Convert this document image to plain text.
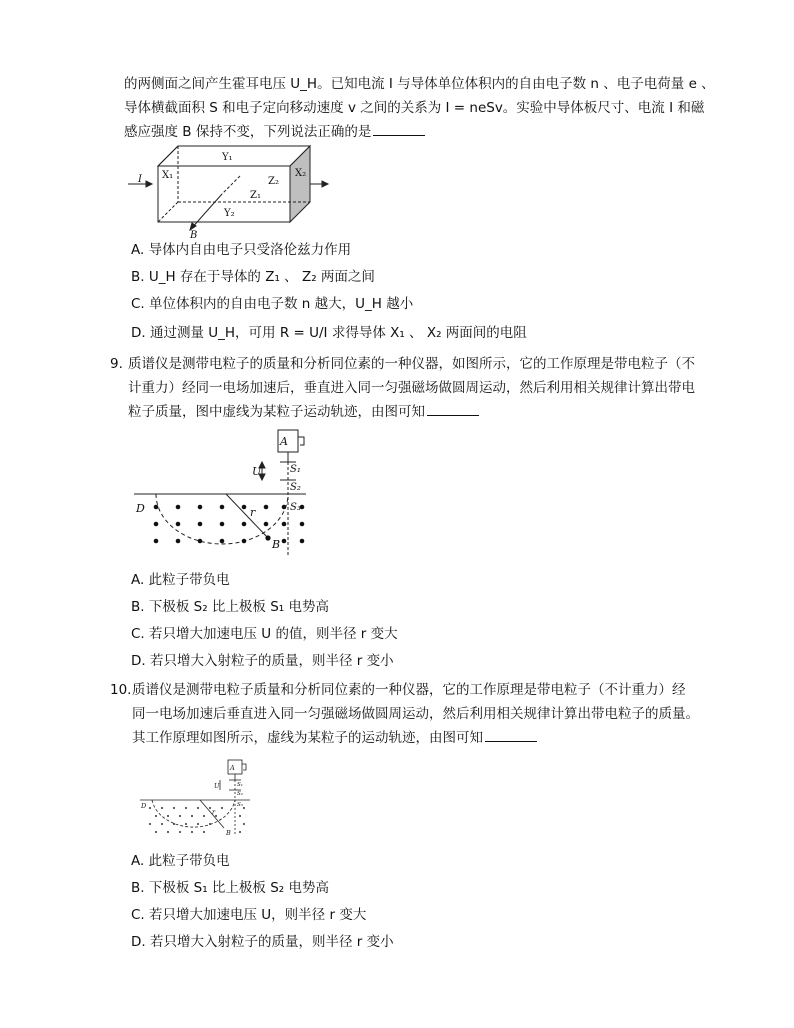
的两侧面之间产生霍耳电压 U_H。已知电流 I 与导体单位体积内的自由电子数 n 、电子电荷量 e 、
导体横截面积 S 和电子定向移动速度 v 之间的关系为 I = neSv。实验中导体板尺寸、电流 I 和磁
感应强度 B 保持不变，下列说法正确的是
I
Y₁
Y₂
X₁	X₂
Z₁
Z₂
B
A. 导体内自由电子只受洛伦兹力作用
B. U_H 存在于导体的 Z₁ 、 Z₂ 两面之间
C. 单位体积内的自由电子数 n 越大，U_H 越小
D. 通过测量 U_H，可用 R = U/I 求得导体 X₁ 、 X₂ 两面间的电阻
9. 质谱仪是测带电粒子的质量和分析同位素的一种仪器，如图所示，它的工作原理是带电粒子（不
计重力）经同一电场加速后，垂直进入同一匀强磁场做圆周运动，然后利用相关规律计算出带电
粒子质量，图中虚线为某粒子运动轨迹，由图可知
A
U	S₁
S₂
S₃
D	r
B
A. 此粒子带负电
B. 下极板 S₂ 比上极板 S₁ 电势高
C. 若只增大加速电压 U 的值，则半径 r 变大
D. 若只增大入射粒子的质量，则半径 r 变小
10. 质谱仪是测带电粒子质量和分析同位素的一种仪器，它的工作原理是带电粒子（不计重力）经
同一电场加速后垂直进入同一匀强磁场做圆周运动，然后利用相关规律计算出带电粒子的质量。
其工作原理如图所示，虚线为某粒子的运动轨迹，由图可知
A
U	S₁
S₂
S₃
D
r
B
A. 此粒子带负电
B. 下极板 S₁ 比上极板 S₂ 电势高
C. 若只增大加速电压 U，则半径 r 变大
D. 若只增大入射粒子的质量，则半径 r 变小
